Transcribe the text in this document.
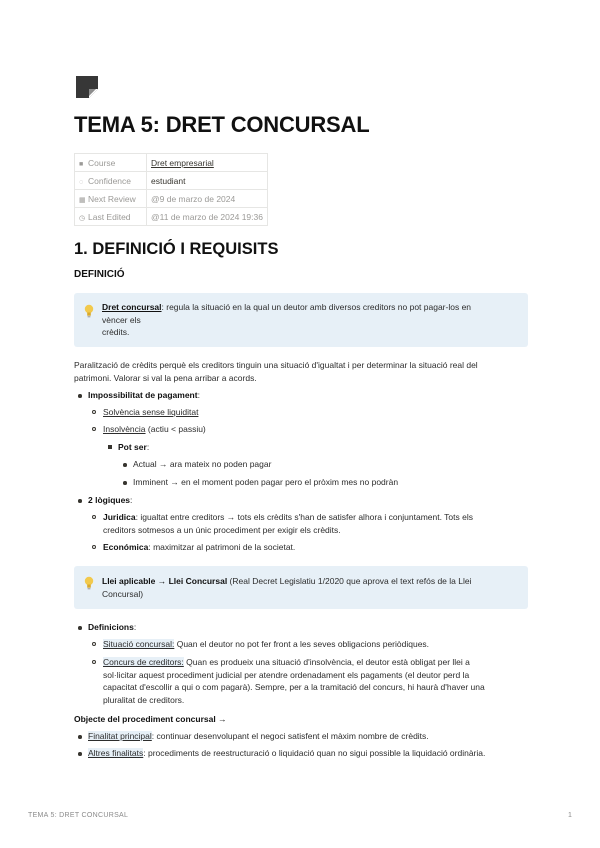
TEMA 5: DRET CONCURSAL
■ Course	Dret empresarial
◌ Confidence	estudiant
▦ Next Review	@9 de marzo de 2024
◷ Last Edited	@11 de marzo de 2024 19:36
1. DEFINICIÓ I REQUISITS
DEFINICIÓ
Dret concursal: regula la situació en la qual un deutor amb diversos creditors no pot pagar-los en
vèncer els
crèdits.
Paralització de crèdits perquè els creditors tinguin una situació d'igualtat i per determinar la situació real del
patrimoni. Valorar si val la pena arribar a acords.
Impossibilitat de pagament:
Solvència sense liquiditat
Insolvència (actiu < passiu)
Pot ser:
Actual → ara mateix no poden pagar
Imminent → en el moment poden pagar pero el pròxim mes no podràn
2 lògiques:
Juridica: igualtat entre creditors → tots els crèdits s'han de satisfer alhora i conjuntament. Tots els
creditors sotmesos a un únic procediment per exigir els crèdits.
Económica: maximitzar al patrimoni de la societat.
Llei aplicable → Llei Concursal (Real Decret Legislatiu 1/2020 que aprova el text refós de la Llei
Concursal)
Definicions:
Situació concursal: Quan el deutor no pot fer front a les seves obligacions periòdiques.
Concurs de creditors: Quan es produeix una situació d'insolvència, el deutor està obligat per llei a
sol·licitar aquest procediment judicial per atendre ordenadament els pagaments (el deutor perd la
capacitat d'escollir a qui o com pagarà). Sempre, per a la tramitació del concurs, hi haurà d'haver una
pluralitat de creditors.
Objecte del procediment concursal →
Finalitat principal: continuar desenvolupant el negoci satisfent el màxim nombre de crèdits.
Altres finalitats: procediments de reestructuració o liquidació quan no sigui possible la liquidació ordinària.
TEMA 5: DRET CONCURSAL	1
